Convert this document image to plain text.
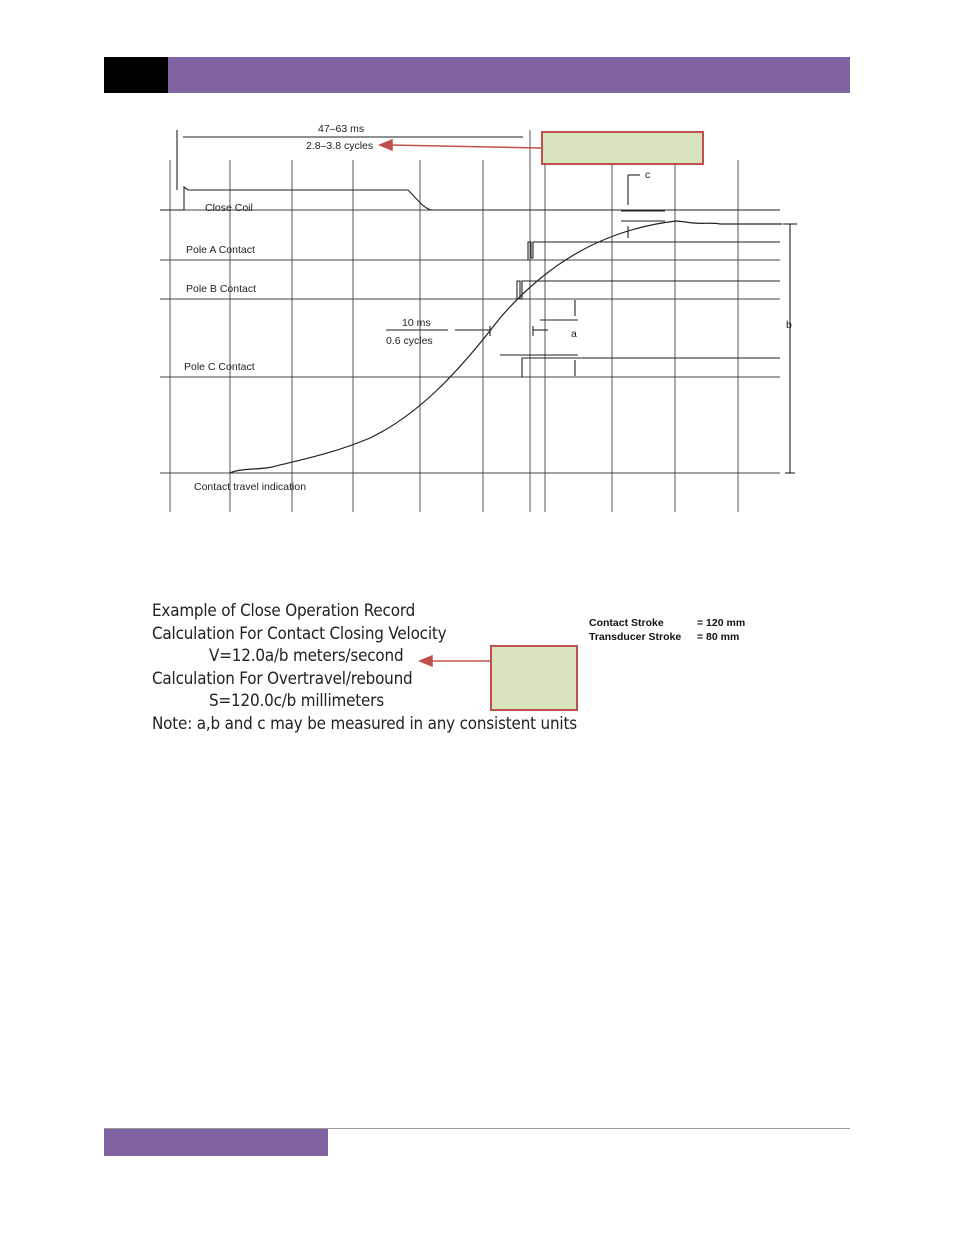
47–63 ms
2.8–3.8 cycles
Close Coil
Pole A Contact
Pole B Contact
Pole C Contact
Contact travel indication
10 ms
0.6 cycles
a
b
c
Example of Close Operation Record
Calculation For Contact Closing Velocity
V=12.0a/b meters/second
Calculation For Overtravel/rebound
S=120.0c/b millimeters
Note: a,b and c may be measured in any consistent units
Contact Stroke	= 120 mm
Transducer Stroke	= 80 mm
